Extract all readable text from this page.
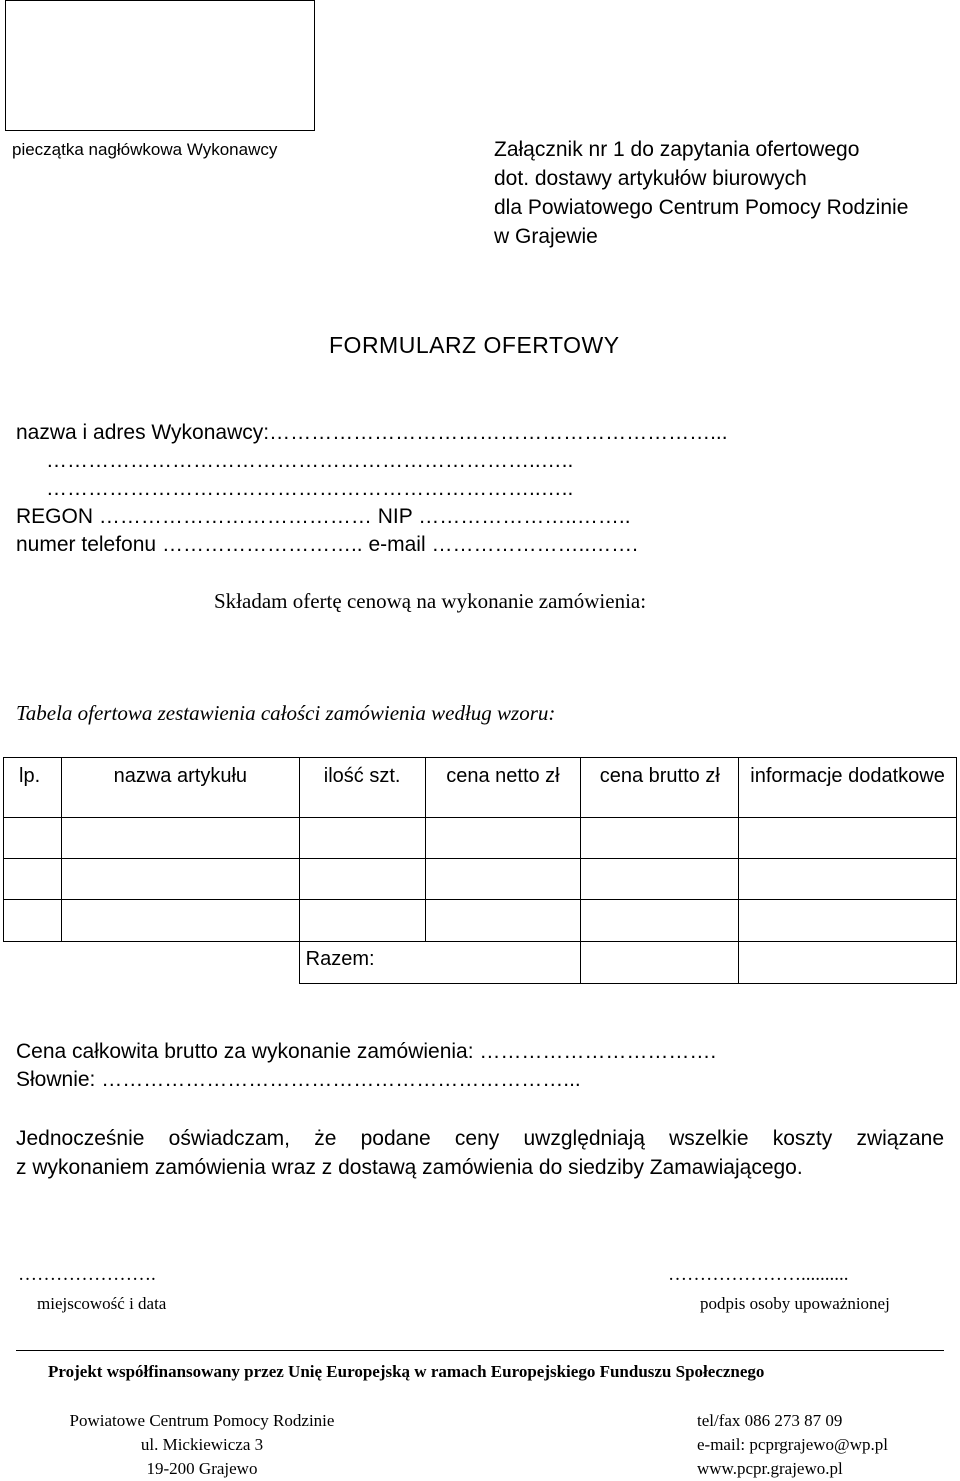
pieczątka nagłówkowa Wykonawcy	Załącznik nr 1 do zapytania ofertowego
dot. dostawy artykułów biurowych
dla Powiatowego Centrum Pomocy Rodzinie
w Grajewie
FORMULARZ OFERTOWY
nazwa i adres Wykonawcy:………………………………………………………...
……………………………………………………………..…..
……………………………………………………………..…..
REGON ………………………………… NIP …………………..……..
numer telefonu ……………………….. e-mail …………………..…….
Składam ofertę cenową na wykonanie zamówienia:
Tabela ofertowa zestawienia całości zamówienia według wzoru:
lp.	nazwa artykułu	ilość szt.	cena netto zł	cena brutto zł	informacje dodatkowe

		Razem:			
Cena całkowita brutto za wykonanie zamówienia: …………………………….
Słownie: …………………………………………………………...

Jednocześnie oświadczam, że podane ceny uwzględniają wszelkie koszty związane

z wykonaniem zamówienia wraz z dostawą zamówienia do siedziby Zamawiającego.

………………….	…………………..........
miejscowość i data	podpis osoby upoważnionej
Projekt współfinansowany przez Unię Europejską w ramach Europejskiego Funduszu Społecznego
Powiatowe Centrum Pomocy Rodzinie
ul. Mickiewicza 3
19-200 Grajewo
tel/fax 086 273 87 09
e-mail: pcprgrajewo@wp.pl
www.pcpr.grajewo.pl
